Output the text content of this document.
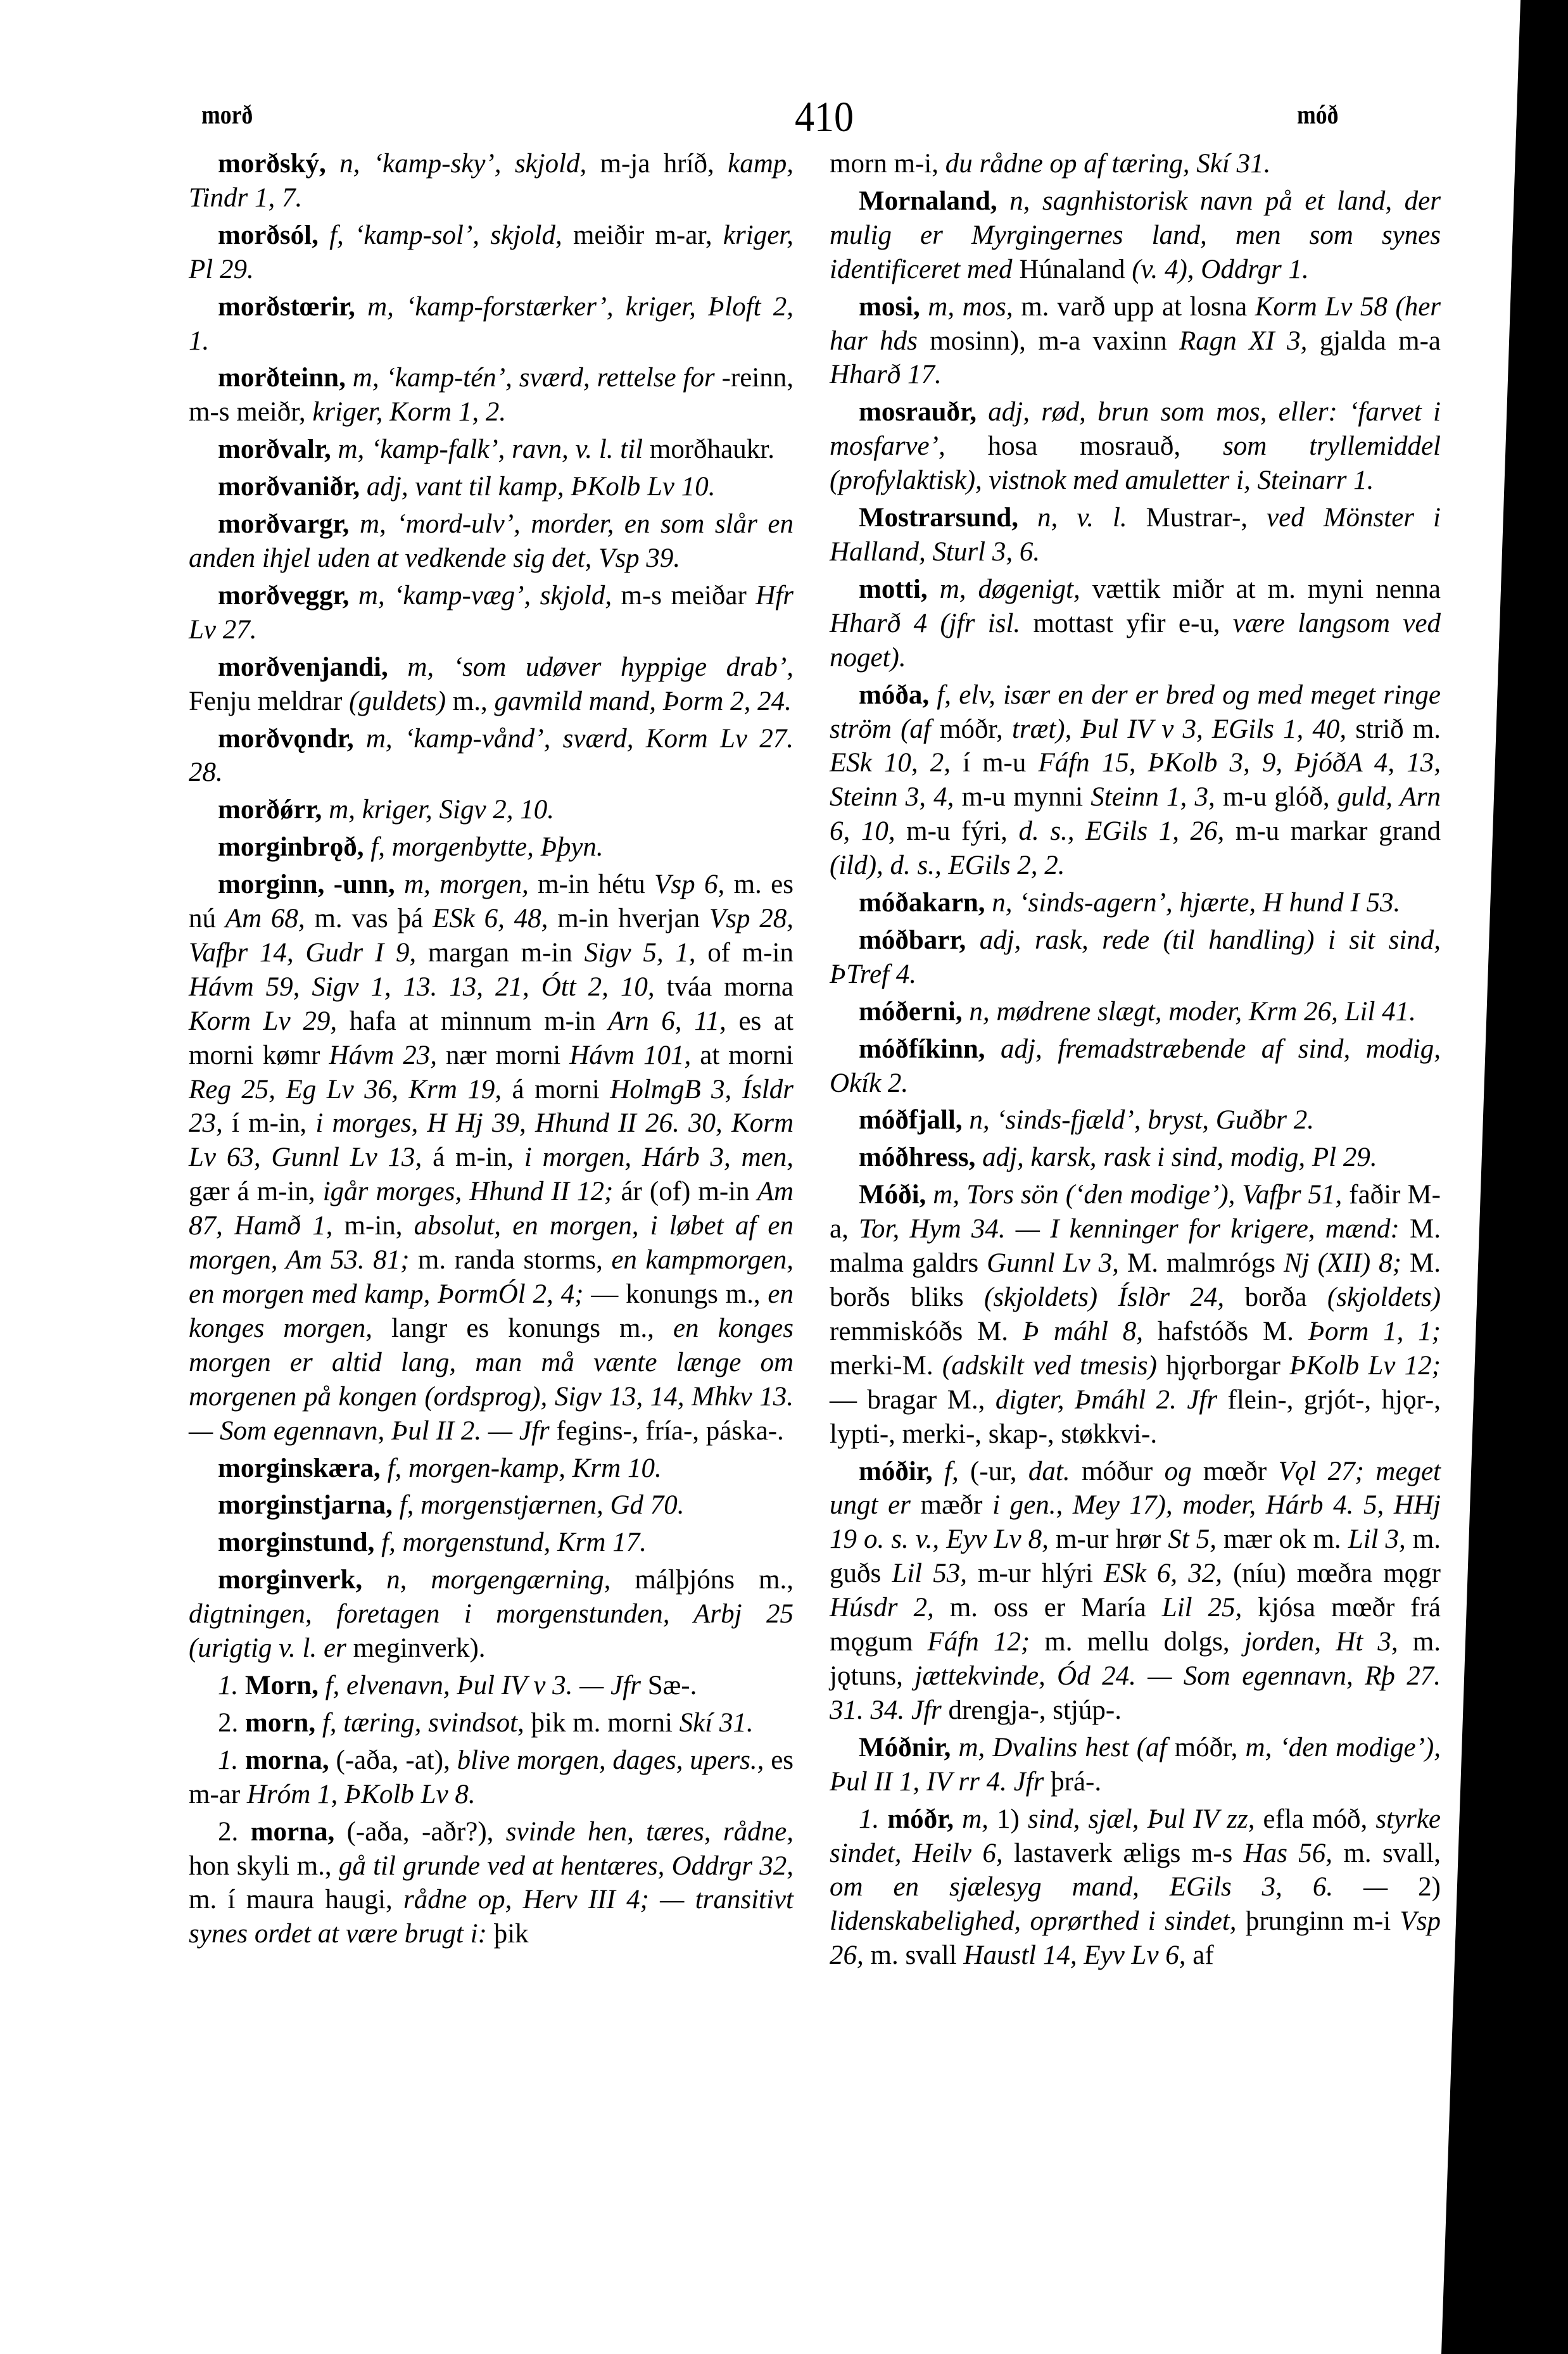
morð	410	móð

morðský, n, ‘kamp-sky’, skjold, m-ja hríð, kamp, Tindr 1, 7.

morðsól, f, ‘kamp-sol’, skjold, meiðir m-ar, kriger, Pl 29.

morðstœrir, m, ‘kamp-forstærker’, kriger, Þloft 2, 1.

morðteinn, m, ‘kamp-tén’, sværd, rettelse for -reinn, m-s meiðr, kriger, Korm 1, 2.

morðvalr, m, ‘kamp-falk’, ravn, v. l. til morðhaukr.

morðvaniðr, adj, vant til kamp, ÞKolb Lv 10.

morðvargr, m, ‘mord-ulv’, morder, en som slår en anden ihjel uden at vedkende sig det, Vsp 39.

morðveggr, m, ‘kamp-væg’, skjold, m-s meiðar Hfr Lv 27.

morðvenjandi, m, ‘som udøver hyppige drab’, Fenju meldrar (guldets) m., gavmild mand, Þorm 2, 24.

morðvǫndr, m, ‘kamp-vånd’, sværd, Korm Lv 27. 28.

morðǿrr, m, kriger, Sigv 2, 10.

morginbrǫð, f, morgenbytte, Þþyn.

morginn, -unn, m, morgen, m-in hétu Vsp 6, m. es nú Am 68, m. vas þá ESk 6, 48, m-in hverjan Vsp 28, Vafþr 14, Gudr I 9, margan m-in Sigv 5, 1, of m-in Hávm 59, Sigv 1, 13. 13, 21, Ótt 2, 10, tváa morna Korm Lv 29, hafa at minnum m-in Arn 6, 11, es at morni kømr Hávm 23, nær morni Hávm 101, at morni Reg 25, Eg Lv 36, Krm 19, á morni HolmgB 3, Ísldr 23, í m-in, i morges, H Hj 39, Hhund II 26. 30, Korm Lv 63, Gunnl Lv 13, á m-in, i morgen, Hárb 3, men, gær á m-in, igår morges, Hhund II 12; ár (of) m-in Am 87, Hamð 1, m-in, absolut, en morgen, i løbet af en morgen, Am 53. 81; m. randa storms, en kampmorgen, en morgen med kamp, ÞormÓl 2, 4; — konungs m., en konges morgen, langr es konungs m., en konges morgen er altid lang, man må vænte længe om morgenen på kongen (ordsprog), Sigv 13, 14, Mhkv 13. — Som egennavn, Þul II 2. — Jfr fegins-, fría-, páska-.

morginskæra, f, morgen-kamp, Krm 10.

morginstjarna, f, morgenstjærnen, Gd 70.

morginstund, f, morgenstund, Krm 17.

morginverk, n, morgengærning, málþjóns m., digtningen, foretagen i morgenstunden, Arbj 25 (urigtig v. l. er meginverk).

1. Morn, f, elvenavn, Þul IV v 3. — Jfr Sæ-.

2. morn, f, tæring, svindsot, þik m. morni Skí 31.

1. morna, (-aða, -at), blive morgen, dages, upers., es m-ar Hróm 1, ÞKolb Lv 8.

2. morna, (-aða, -aðr?), svinde hen, tæres, rådne, hon skyli m., gå til grunde ved at hentæres, Oddrgr 32, m. í maura haugi, rådne op, Herv III 4; — transitivt synes ordet at være brugt i: þik

morn m-i, du rådne op af tæring, Skí 31.

Mornaland, n, sagnhistorisk navn på et land, der mulig er Myrgingernes land, men som synes identificeret med Húnaland (v. 4), Oddrgr 1.

mosi, m, mos, m. varð upp at losna Korm Lv 58 (her har hds mosinn), m-a vaxinn Ragn XI 3, gjalda m-a Hharð 17.

mosrauðr, adj, rød, brun som mos, eller: ‘farvet i mosfarve’, hosa mosrauð, som tryllemiddel (profylaktisk), vistnok med amuletter i, Steinarr 1.

Mostrarsund, n, v. l. Mustrar-, ved Mönster i Halland, Sturl 3, 6.

motti, m, døgenigt, vættik miðr at m. myni nenna Hharð 4 (jfr isl. mottast yfir e-u, være langsom ved noget).

móða, f, elv, især en der er bred og med meget ringe ström (af móðr, træt), Þul IV v 3, EGils 1, 40, strið m. ESk 10, 2, í m-u Fáfn 15, ÞKolb 3, 9, ÞjóðA 4, 13, Steinn 3, 4, m-u mynni Steinn 1, 3, m-u glóð, guld, Arn 6, 10, m-u fýri, d. s., EGils 1, 26, m-u markar grand (ild), d. s., EGils 2, 2.

móðakarn, n, ‘sinds-agern’, hjærte, H hund I 53.

móðbarr, adj, rask, rede (til handling) i sit sind, ÞTref 4.

móðerni, n, mødrene slægt, moder, Krm 26, Lil 41.

móðfíkinn, adj, fremadstræbende af sind, modig, Okík 2.

móðfjall, n, ‘sinds-fjæld’, bryst, Guðbr 2.

móðhress, adj, karsk, rask i sind, modig, Pl 29.

Móði, m, Tors sön (‘den modige’), Vafþr 51, faðir M-a, Tor, Hym 34. — I kenninger for krigere, mænd: M. malma galdrs Gunnl Lv 3, M. malmrógs Nj (XII) 8; M. borðs bliks (skjoldets) Íslдr 24, borða (skjoldets) remmiskóðs M. Þ máhl 8, hafstóðs M. Þorm 1, 1; merki-M. (adskilt ved tmesis) hjǫrborgar ÞKolb Lv 12; — bragar M., digter, Þmáhl 2. Jfr flein-, grjót-, hjǫr-, lypti-, merki-, skap-, støkkvi-.

móðir, f, (-ur, dat. móður og mœðr Vǫl 27; meget ungt er mæðr i gen., Mey 17), moder, Hárb 4. 5, HHj 19 o. s. v., Eyv Lv 8, m-ur hrør St 5, mær ok m. Lil 3, m. guðs Lil 53, m-ur hlýri ESk 6, 32, (níu) mœðra mǫgr Húsdr 2, m. oss er María Lil 25, kjósa mœðr frá mǫgum Fáfn 12; m. mellu dolgs, jorden, Ht 3, m. jǫtuns, jættekvinde, Ód 24. — Som egennavn, Rþ 27. 31. 34. Jfr drengja-, stjúp-.

Móðnir, m, Dvalins hest (af móðr, m, ‘den modige’), Þul II 1, IV rr 4. Jfr þrá-.

1. móðr, m, 1) sind, sjæl, Þul IV zz, efla móð, styrke sindet, Heilv 6, lastaverk æligs m-s Has 56, m. svall, om en sjælesyg mand, EGils 3, 6. — 2) lidenskabelighed, oprørthed i sindet, þrunginn m-i Vsp 26, m. svall Haustl 14, Eyv Lv 6, af
